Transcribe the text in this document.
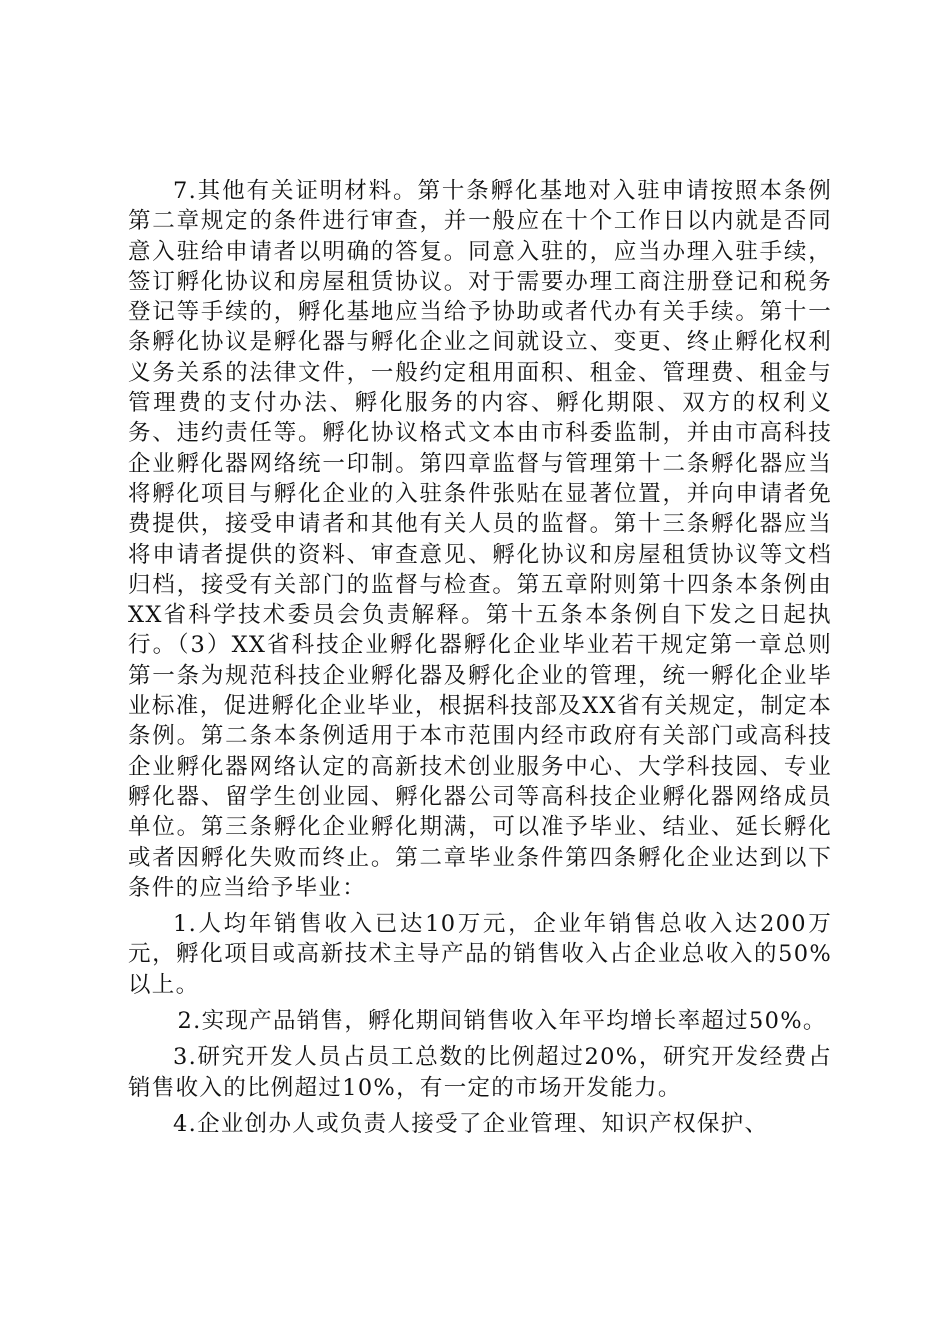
7.其他有关证明材料。第十条孵化基地对入驻申请按照本条例第二章规定的条件进行审查，并一般应在十个工作日以内就是否同意入驻给申请者以明确的答复。同意入驻的，应当办理入驻手续，签订孵化协议和房屋租赁协议。对于需要办理工商注册登记和税务登记等手续的，孵化基地应当给予协助或者代办有关手续。第十一条孵化协议是孵化器与孵化企业之间就设立、变更、终止孵化权利义务关系的法律文件，一般约定租用面积、租金、管理费、租金与管理费的支付办法、孵化服务的内容、孵化期限、双方的权利义务、违约责任等。孵化协议格式文本由市科委监制，并由市高科技企业孵化器网络统一印制。第四章监督与管理第十二条孵化器应当将孵化项目与孵化企业的入驻条件张贴在显著位置，并向申请者免费提供，接受申请者和其他有关人员的监督。第十三条孵化器应当将申请者提供的资料、审查意见、孵化协议和房屋租赁协议等文档归档，接受有关部门的监督与检查。第五章附则第十四条本条例由XX省科学技术委员会负责解释。第十五条本条例自下发之日起执行。（3）XX省科技企业孵化器孵化企业毕业若干规定第一章总则第一条为规范科技企业孵化器及孵化企业的管理，统一孵化企业毕业标准，促进孵化企业毕业，根据科技部及XX省有关规定，制定本条例。第二条本条例适用于本市范围内经市政府有关部门或高科技企业孵化器网络认定的高新技术创业服务中心、大学科技园、专业孵化器、留学生创业园、孵化器公司等高科技企业孵化器网络成员单位。第三条孵化企业孵化期满，可以准予毕业、结业、延长孵化或者因孵化失败而终止。第二章毕业条件第四条孵化企业达到以下条件的应当给予毕业：

1.人均年销售收入已达10万元，企业年销售总收入达200万元，孵化项目或高新技术主导产品的销售收入占企业总收入的50%以上。

2.实现产品销售，孵化期间销售收入年平均增长率超过50%。

3.研究开发人员占员工总数的比例超过20%，研究开发经费占销售收入的比例超过10%，有一定的市场开发能力。

4.企业创办人或负责人接受了企业管理、知识产权保护、
